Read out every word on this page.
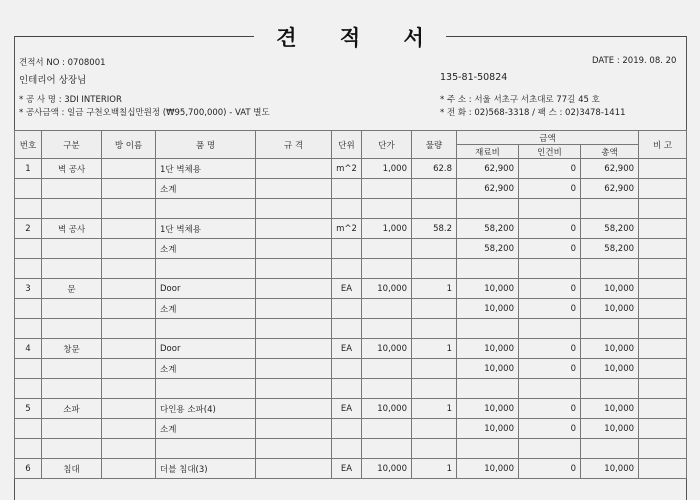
견 적 서
견적서 NO : 0708001	DATE : 2019. 08. 20
인테리어 상장님	135-81-50824
* 공 사 명 : 3DI INTERIOR
* 공사금액 : 일금 구천오백칠십만원정 (₩95,700,000) - VAT 별도
* 주 소 : 서울 서초구 서초대로 77길 45 호
* 전 화 : 02)568-3318 / 팩 스 : 02)3478-1411
번호	구분	방 이름	품 명	규 격	단위	단가	물량	금액			비 고
								재료비	인건비	총액	
1	벽 공사		1단 벽체용		m^2	1,000	62.8	62,900	0	62,900	
			소계					62,900	0	62,900	

2	벽 공사		1단 벽체용		m^2	1,000	58.2	58,200	0	58,200	
			소계					58,200	0	58,200	

3	문		Door		EA	10,000	1	10,000	0	10,000	
			소계					10,000	0	10,000	

4	창문		Door		EA	10,000	1	10,000	0	10,000	
			소계					10,000	0	10,000	

5	소파		다인용 소파(4)		EA	10,000	1	10,000	0	10,000	
			소계					10,000	0	10,000	

6	침대		더블 침대(3)		EA	10,000	1	10,000	0	10,000	
